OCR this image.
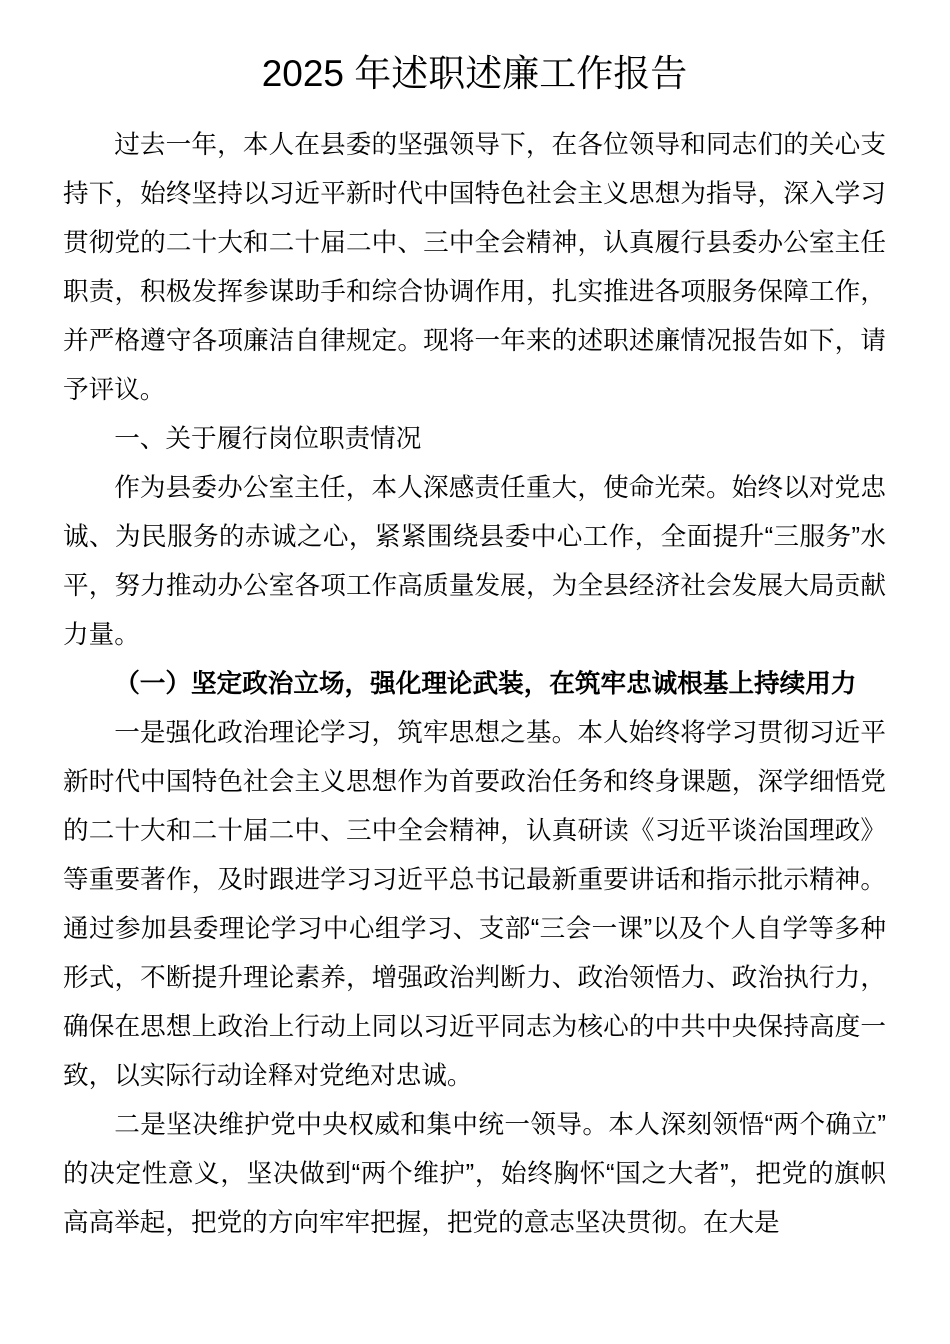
2025 年述职述廉工作报告

过去一年，本人在县委的坚强领导下，在各位领导和同志们的关心支持下，始终坚持以习近平新时代中国特色社会主义思想为指导，深入学习贯彻党的二十大和二十届二中、三中全会精神，认真履行县委办公室主任职责，积极发挥参谋助手和综合协调作用，扎实推进各项服务保障工作，并严格遵守各项廉洁自律规定。现将一年来的述职述廉情况报告如下，请予评议。

一、关于履行岗位职责情况

作为县委办公室主任，本人深感责任重大，使命光荣。始终以对党忠诚、为民服务的赤诚之心，紧紧围绕县委中心工作，全面提升“三服务”水平，努力推动办公室各项工作高质量发展，为全县经济社会发展大局贡献力量。

（一）坚定政治立场，强化理论武装，在筑牢忠诚根基上持续用力

一是强化政治理论学习，筑牢思想之基。本人始终将学习贯彻习近平新时代中国特色社会主义思想作为首要政治任务和终身课题，深学细悟党的二十大和二十届二中、三中全会精神，认真研读《习近平谈治国理政》等重要著作，及时跟进学习习近平总书记最新重要讲话和指示批示精神。通过参加县委理论学习中心组学习、支部“三会一课”以及个人自学等多种形式，不断提升理论素养，增强政治判断力、政治领悟力、政治执行力，确保在思想上政治上行动上同以习近平同志为核心的中共中央保持高度一致，以实际行动诠释对党绝对忠诚。

二是坚决维护党中央权威和集中统一领导。本人深刻领悟“两个确立”的决定性意义，坚决做到“两个维护”，始终胸怀“国之大者”，把党的旗帜高高举起，把党的方向牢牢把握，把党的意志坚决贯彻。在大是
